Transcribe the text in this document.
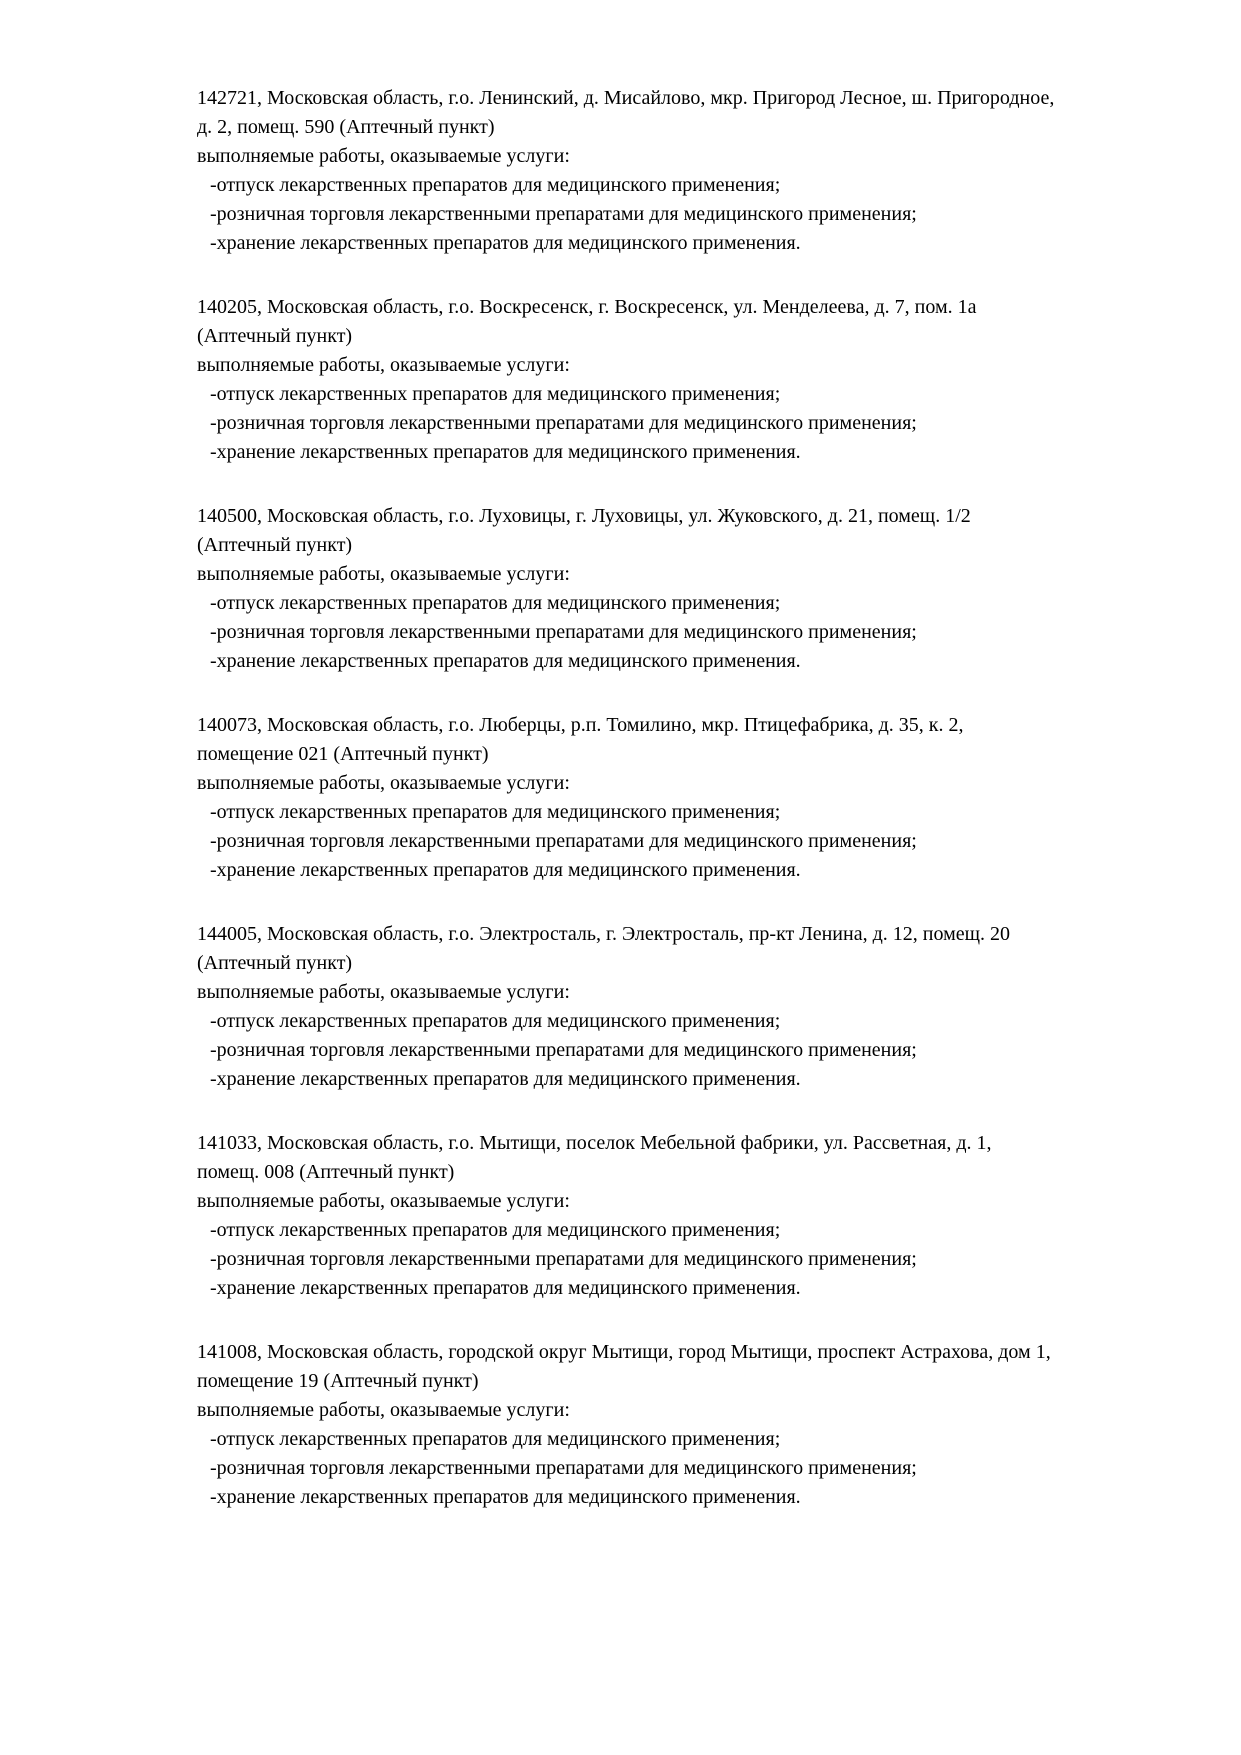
142721, Московская область, г.о. Ленинский, д. Мисайлово, мкр. Пригород Лесное, ш. Пригородное, д. 2, помещ. 590 (Аптечный пункт)

выполняемые работы, оказываемые услуги:

-отпуск лекарственных препаратов для медицинского применения;
-розничная торговля лекарственными препаратами для медицинского применения;
-хранение лекарственных препаратов для медицинского применения.

140205, Московская область, г.о. Воскресенск, г. Воскресенск, ул. Менделеева, д. 7, пом. 1а (Аптечный пункт)

выполняемые работы, оказываемые услуги:

-отпуск лекарственных препаратов для медицинского применения;
-розничная торговля лекарственными препаратами для медицинского применения;
-хранение лекарственных препаратов для медицинского применения.

140500, Московская область, г.о. Луховицы, г. Луховицы, ул. Жуковского, д. 21, помещ. 1/2 (Аптечный пункт)

выполняемые работы, оказываемые услуги:

-отпуск лекарственных препаратов для медицинского применения;
-розничная торговля лекарственными препаратами для медицинского применения;
-хранение лекарственных препаратов для медицинского применения.

140073, Московская область, г.о. Люберцы, р.п. Томилино, мкр. Птицефабрика, д. 35, к. 2, помещение 021 (Аптечный пункт)

выполняемые работы, оказываемые услуги:

-отпуск лекарственных препаратов для медицинского применения;
-розничная торговля лекарственными препаратами для медицинского применения;
-хранение лекарственных препаратов для медицинского применения.

144005, Московская область, г.о. Электросталь, г. Электросталь, пр-кт Ленина, д. 12, помещ. 20 (Аптечный пункт)

выполняемые работы, оказываемые услуги:

-отпуск лекарственных препаратов для медицинского применения;
-розничная торговля лекарственными препаратами для медицинского применения;
-хранение лекарственных препаратов для медицинского применения.

141033, Московская область, г.о. Мытищи, поселок Мебельной фабрики, ул. Рассветная, д. 1, помещ. 008 (Аптечный пункт)

выполняемые работы, оказываемые услуги:

-отпуск лекарственных препаратов для медицинского применения;
-розничная торговля лекарственными препаратами для медицинского применения;
-хранение лекарственных препаратов для медицинского применения.

141008, Московская область, городской округ Мытищи, город Мытищи, проспект Астрахова, дом 1, помещение 19 (Аптечный пункт)

выполняемые работы, оказываемые услуги:

-отпуск лекарственных препаратов для медицинского применения;
-розничная торговля лекарственными препаратами для медицинского применения;
-хранение лекарственных препаратов для медицинского применения.
